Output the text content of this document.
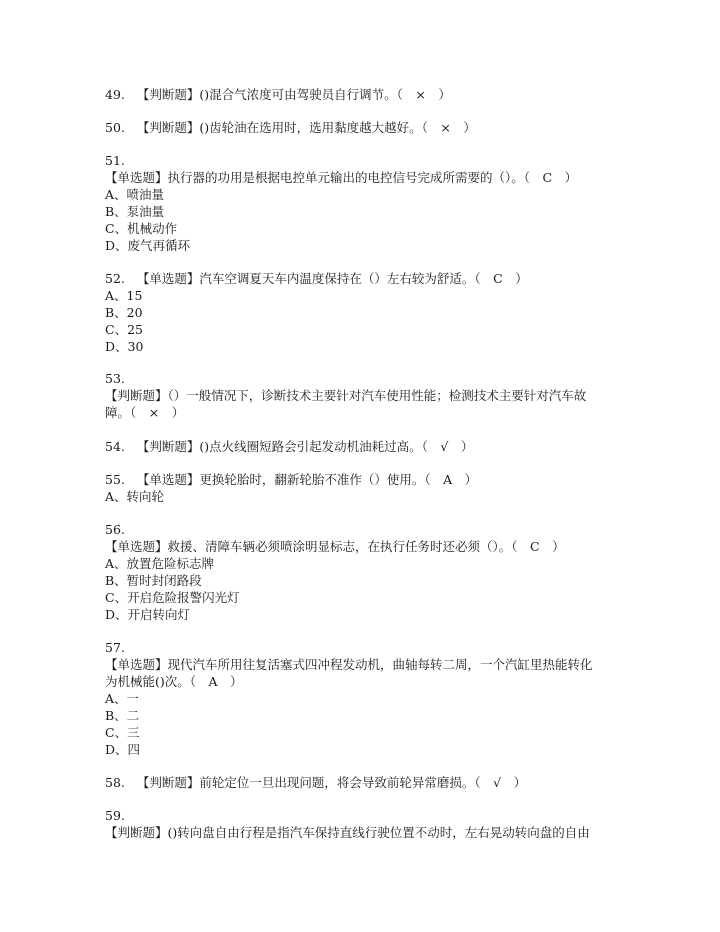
49. 【判断题】()混合气浓度可由驾驶员自行调节。（　×　）
50. 【判断题】()齿轮油在选用时，选用黏度越大越好。（　×　）
51.
【单选题】执行器的功用是根据电控单元输出的电控信号完成所需要的（）。（　C　）
A、喷油量
B、泵油量
C、机械动作
D、废气再循环
52. 【单选题】汽车空调夏天车内温度保持在（）左右较为舒适。（　C　）
A、15
B、20
C、25
D、30
53.
【判断题】（）一般情况下，诊断技术主要针对汽车使用性能；检测技术主要针对汽车故
障。（　×　）
54. 【判断题】()点火线圈短路会引起发动机油耗过高。（　√　）
55. 【单选题】更换轮胎时，翻新轮胎不准作（）使用。（　A　）
A、转向轮
56.
【单选题】救援、清障车辆必须喷涂明显标志，在执行任务时还必须（）。（　C　）
A、放置危险标志牌
B、暂时封闭路段
C、开启危险报警闪光灯
D、开启转向灯
57.
【单选题】现代汽车所用往复活塞式四冲程发动机，曲轴每转二周，一个汽缸里热能转化
为机械能()次。（　A　）
A、一
B、二
C、三
D、四
58. 【判断题】前轮定位一旦出现问题，将会导致前轮异常磨损。（　√　）
59.
【判断题】()转向盘自由行程是指汽车保持直线行驶位置不动时，左右晃动转向盘的自由
